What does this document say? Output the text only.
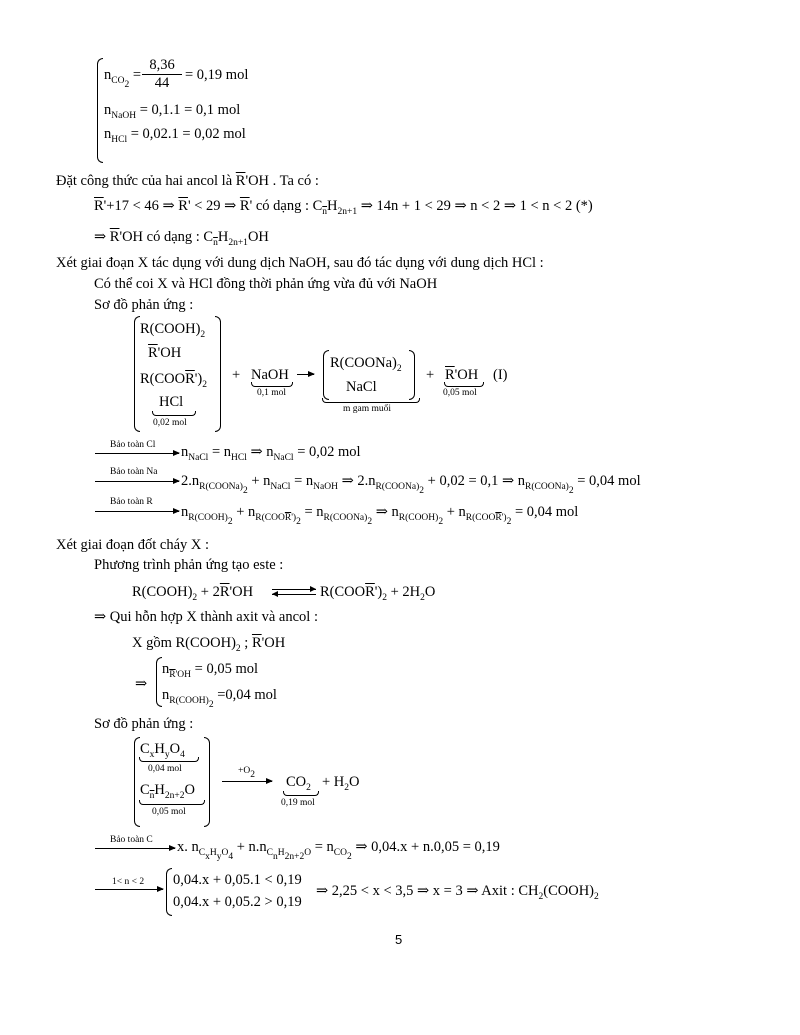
$n_{CO_2} = \frac{8,36}{44} = 0,19$ mol
$n_{NaOH} = 0,1.1 = 0,1$ mol
$n_{HCl} = 0,02.1 = 0,02$ mol
Đặt công thức của hai ancol là $\overline{R}'OH$ . Ta có :
$\overline{R}'+17 < 46$ ⇒ $\overline{R}' < 29$ ⇒ $\overline{R}'$ có dạng : $C_{\overline{n}}H_{2n+1}$ ⇒ 14n + 1 < 29 ⇒ n < 2 ⇒ 1 < n < 2 (*)
⇒ $\overline{R}'OH$ có dạng : $C_{\overline{n}}H_{2n+1}OH$
Xét giai đoạn X tác dụng với dung dịch NaOH, sau đó tác dụng với dung dịch HCl :
Có thể coi X và HCl đồng thời phản ứng vừa đủ với NaOH
Sơ đồ phản ứng :
$R(COOH)_2$
$\overline{R}'OH$
$R(COO\overline{R}')_2$
HCl
0,02 mol
+ NaOH
0,1 mol
$R(COONa)_2$
NaCl
m gam muối
+ $\overline{R}'OH$
0,05 mol
(I)
Bảo toàn Cl $n_{NaCl} = n_{HCl}$ ⇒ $n_{NaCl} = 0,02$ mol
Bảo toàn Na
$2.n_{R(COONa)_2} + n_{NaCl} = n_{NaOH}$ ⇒ $2.n_{R(COONa)_2} + 0,02 = 0,1$ ⇒ $n_{R(COONa)_2} = 0,04$ mol
Bảo toàn R
$n_{R(COOH)_2} + n_{R(COO\overline{R}')_2} = n_{R(COONa)_2}$ ⇒ $n_{R(COOH)_2} + n_{R(COO\overline{R}')_2} = 0,04$ mol
Xét giai đoạn đốt cháy X :
Phương trình phản ứng tạo este :
$R(COOH)_2 + 2\overline{R}'OH$	$R(COO\overline{R}')_2 + 2H_2O$
⇒ Qui hỗn hợp X thành axit và ancol :
X gồm $R(COOH)_2$ ; $\overline{R}'OH$
⇒
$n_{\overline{R}'OH} = 0,05$ mol
$n_{R(COOH)_2} =0,04$ mol
Sơ đồ phản ứng :
$C_xH_yO_4$
0,04 mol
$C_{\overline{n}}H_{2n+2}O$
0,05 mol
$+O_2$ $CO_2$
0,19 mol
+ $H_2O$
Bảo toàn C x. $n_{C_xH_yO_4} + n.n_{C_nH_{2n+2}O} = n_{CO_2}$ ⇒ 0,04.x + n.0,05 = 0,19
1< n < 2 0,04.x + 0,05.1 < 0,19
0,04.x + 0,05.2 > 0,19
⇒ 2,25 < x < 3,5 ⇒ x = 3 ⇒ Axit : $CH_2(COOH)_2$
5
